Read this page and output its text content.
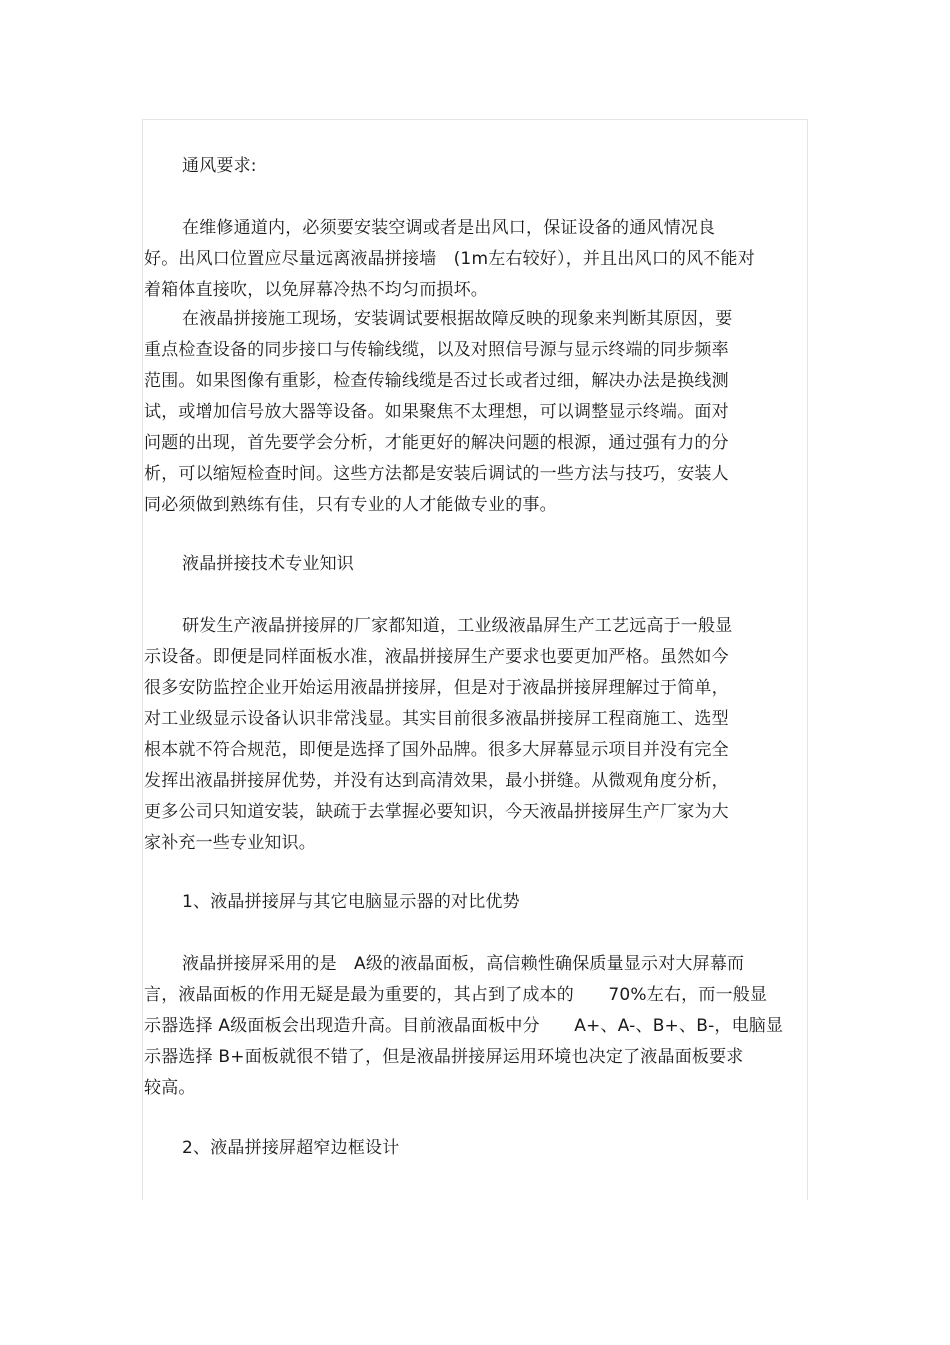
通风要求:
在维修通道内，必须要安装空调或者是出风口，保证设备的通风情况良
好。出风口位置应尽量远离液晶拼接墙　(1m左右较好），并且出风口的风不能对
着箱体直接吹，以免屏幕冷热不均匀而损坏。
在液晶拼接施工现场，安装调试要根据故障反映的现象来判断其原因，要
重点检查设备的同步接口与传输线缆，以及对照信号源与显示终端的同步频率
范围。如果图像有重影，检查传输线缆是否过长或者过细，解决办法是换线测
试，或增加信号放大器等设备。如果聚焦不太理想，可以调整显示终端。面对
问题的出现，首先要学会分析，才能更好的解决问题的根源，通过强有力的分
析，可以缩短检查时间。这些方法都是安装后调试的一些方法与技巧，安装人
同必须做到熟练有佳，只有专业的人才能做专业的事。
液晶拼接技术专业知识
研发生产液晶拼接屏的厂家都知道，工业级液晶屏生产工艺远高于一般显
示设备。即便是同样面板水准，液晶拼接屏生产要求也要更加严格。虽然如今
很多安防监控企业开始运用液晶拼接屏，但是对于液晶拼接屏理解过于简单，
对工业级显示设备认识非常浅显。其实目前很多液晶拼接屏工程商施工、选型
根本就不符合规范，即便是选择了国外品牌。很多大屏幕显示项目并没有完全
发挥出液晶拼接屏优势，并没有达到高清效果，最小拼缝。从微观角度分析，
更多公司只知道安装，缺疏于去掌握必要知识，今天液晶拼接屏生产厂家为大
家补充一些专业知识。
1、液晶拼接屏与其它电脑显示器的对比优势
液晶拼接屏采用的是　A级的液晶面板，高信赖性确保质量显示对大屏幕而
言，液晶面板的作用无疑是最为重要的，其占到了成本的　　70%左右，而一般显
示器选择 A级面板会出现造升高。目前液晶面板中分　　A+、A-、B+、B-，电脑显
示器选择 B+面板就很不错了，但是液晶拼接屏运用环境也决定了液晶面板要求
较高。
2、液晶拼接屏超窄边框设计
